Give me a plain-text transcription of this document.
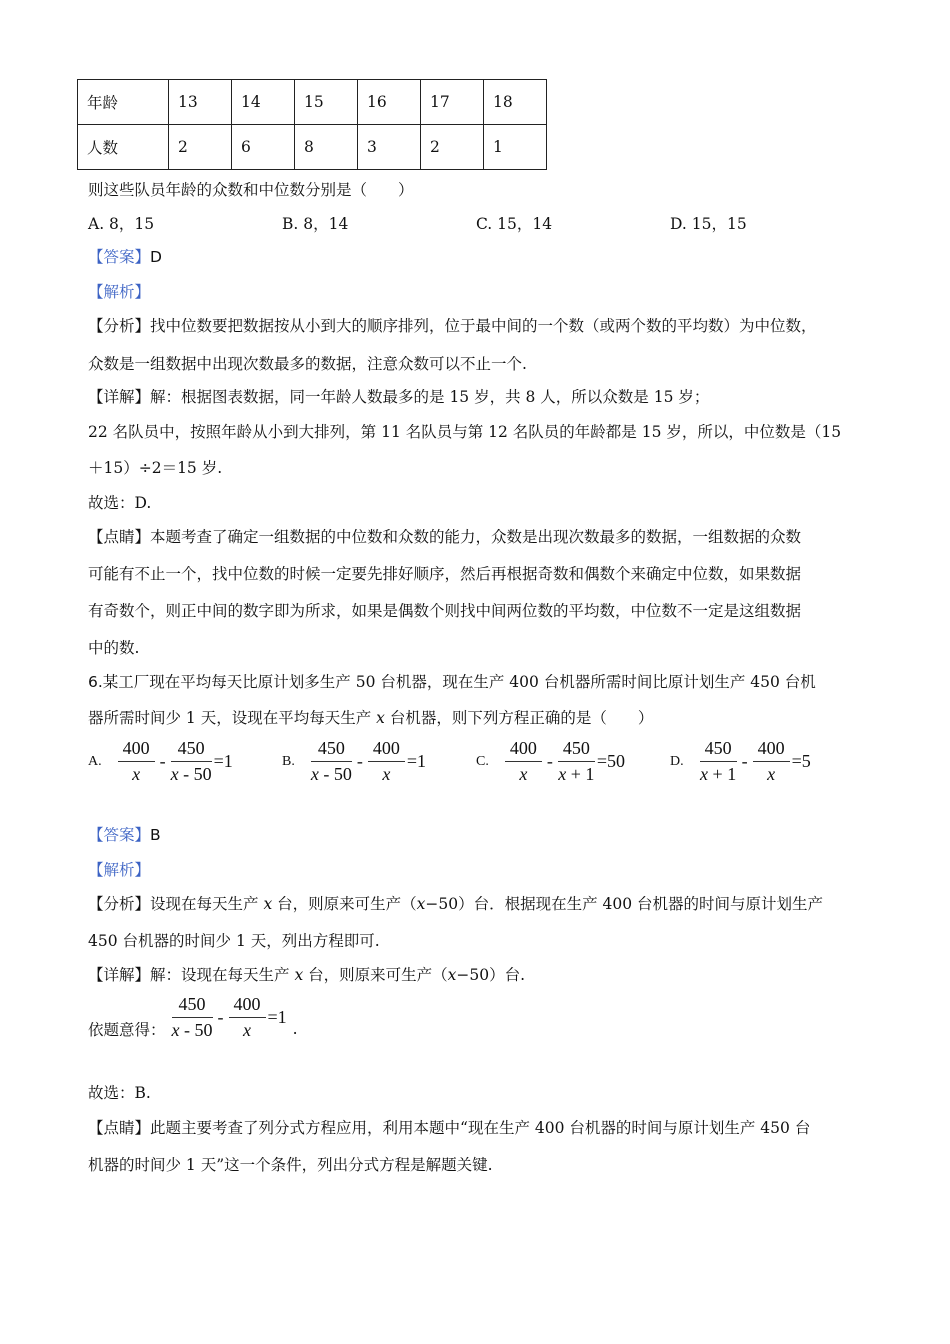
年龄	13	14	15	16	17	18
人数	2	6	8	3	2	1
则这些队员年龄的众数和中位数分别是（　　）
A. 8，15	B. 8，14	C. 15，14	D. 15，15
【答案】D
【解析】
【分析】找中位数要把数据按从小到大的顺序排列，位于最中间的一个数（或两个数的平均数）为中位数，
众数是一组数据中出现次数最多的数据，注意众数可以不止一个.
【详解】解：根据图表数据，同一年龄人数最多的是 15 岁，共 8 人，所以众数是 15 岁；
22 名队员中，按照年龄从小到大排列，第 11 名队员与第 12 名队员的年龄都是 15 岁，所以，中位数是（15
＋15）÷2＝15 岁.
故选：D.
【点睛】本题考查了确定一组数据的中位数和众数的能力，众数是出现次数最多的数据，一组数据的众数
可能有不止一个，找中位数的时候一定要先排好顺序，然后再根据奇数和偶数个来确定中位数，如果数据
有奇数个，则正中间的数字即为所求，如果是偶数个则找中间两位数的平均数，中位数不一定是这组数据
中的数.
6.某工厂现在平均每天比原计划多生产 50 台机器，现在生产 400 台机器所需时间比原计划生产 450 台机
器所需时间少 1 天，设现在平均每天生产 x 台机器，则下列方程正确的是（　　）
A. $\frac{400}{x} - \frac{450}{x - 50} =1$	B. $\frac{450}{x - 50} - \frac{400}{x} =1$	C. $\frac{400}{x} - \frac{450}{x + 1} =50$	D. $\frac{450}{x + 1} - \frac{400}{x} =5$
【答案】B
【解析】
【分析】设现在每天生产 x 台，则原来可生产（x−50）台．根据现在生产 400 台机器的时间与原计划生产
450 台机器的时间少 1 天，列出方程即可.
【详解】解：设现在每天生产 x 台，则原来可生产（x−50）台.
依题意得： $\frac{450}{x - 50} - \frac{400}{x} =1$
.
故选：B.
【点睛】此题主要考查了列分式方程应用，利用本题中“现在生产 400 台机器的时间与原计划生产 450 台
机器的时间少 1 天”这一个条件，列出分式方程是解题关键.
